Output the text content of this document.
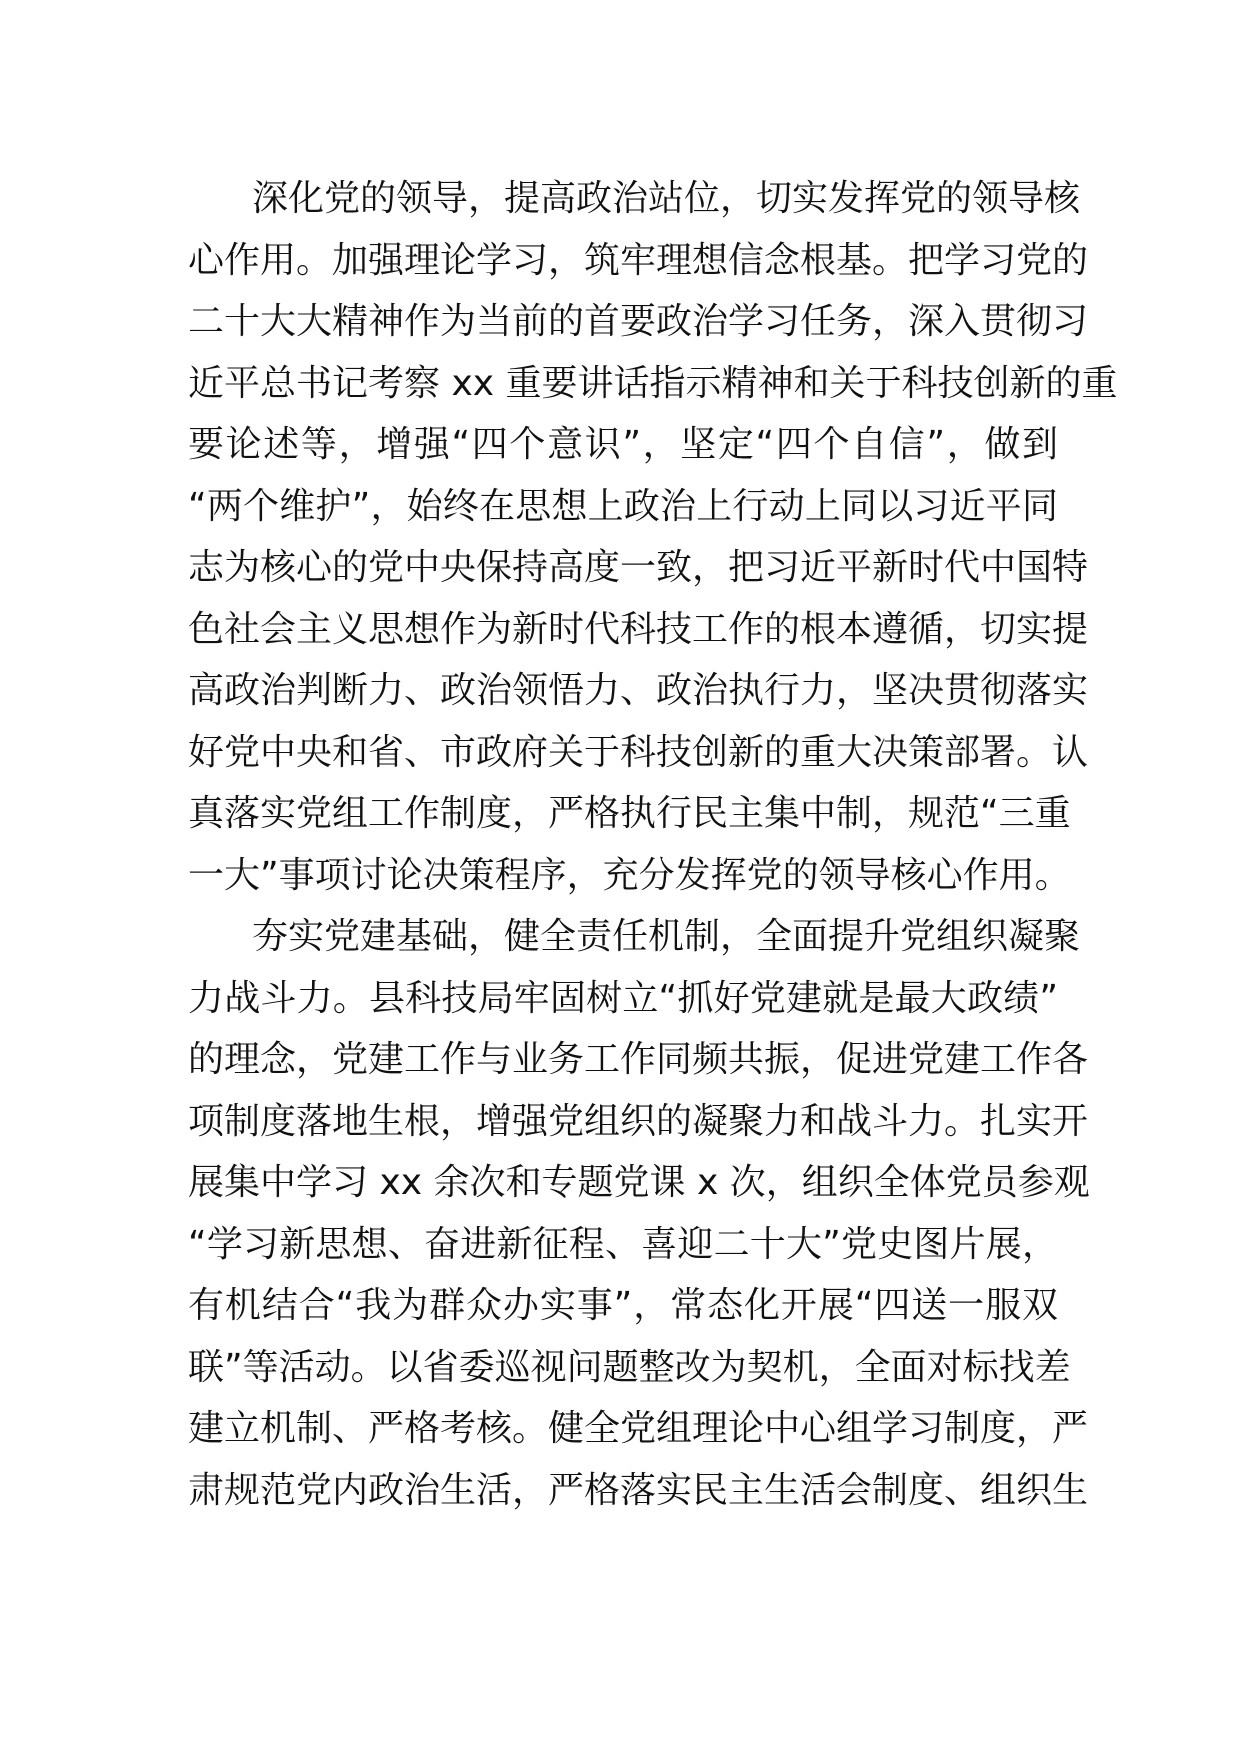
深化党的领导，提高政治站位，切实发挥党的领导核
心作用。加强理论学习，筑牢理想信念根基。把学习党的
二十大大精神作为当前的首要政治学习任务，深入贯彻习
近平总书记考察 xx 重要讲话指示精神和关于科技创新的重
要论述等，增强“四个意识”，坚定“四个自信”，做到
“两个维护”，始终在思想上政治上行动上同以习近平同
志为核心的党中央保持高度一致，把习近平新时代中国特
色社会主义思想作为新时代科技工作的根本遵循，切实提
高政治判断力、政治领悟力、政治执行力，坚决贯彻落实
好党中央和省、市政府关于科技创新的重大决策部署。认
真落实党组工作制度，严格执行民主集中制，规范“三重
一大”事项讨论决策程序，充分发挥党的领导核心作用。
夯实党建基础，健全责任机制，全面提升党组织凝聚
力战斗力。县科技局牢固树立“抓好党建就是最大政绩”
的理念，党建工作与业务工作同频共振，促进党建工作各
项制度落地生根，增强党组织的凝聚力和战斗力。扎实开
展集中学习 xx 余次和专题党课 x 次，组织全体党员参观
“学习新思想、奋进新征程、喜迎二十大”党史图片展，
有机结合“我为群众办实事”，常态化开展“四送一服双
联”等活动。以省委巡视问题整改为契机，全面对标找差
建立机制、严格考核。健全党组理论中心组学习制度，严
肃规范党内政治生活，严格落实民主生活会制度、组织生
